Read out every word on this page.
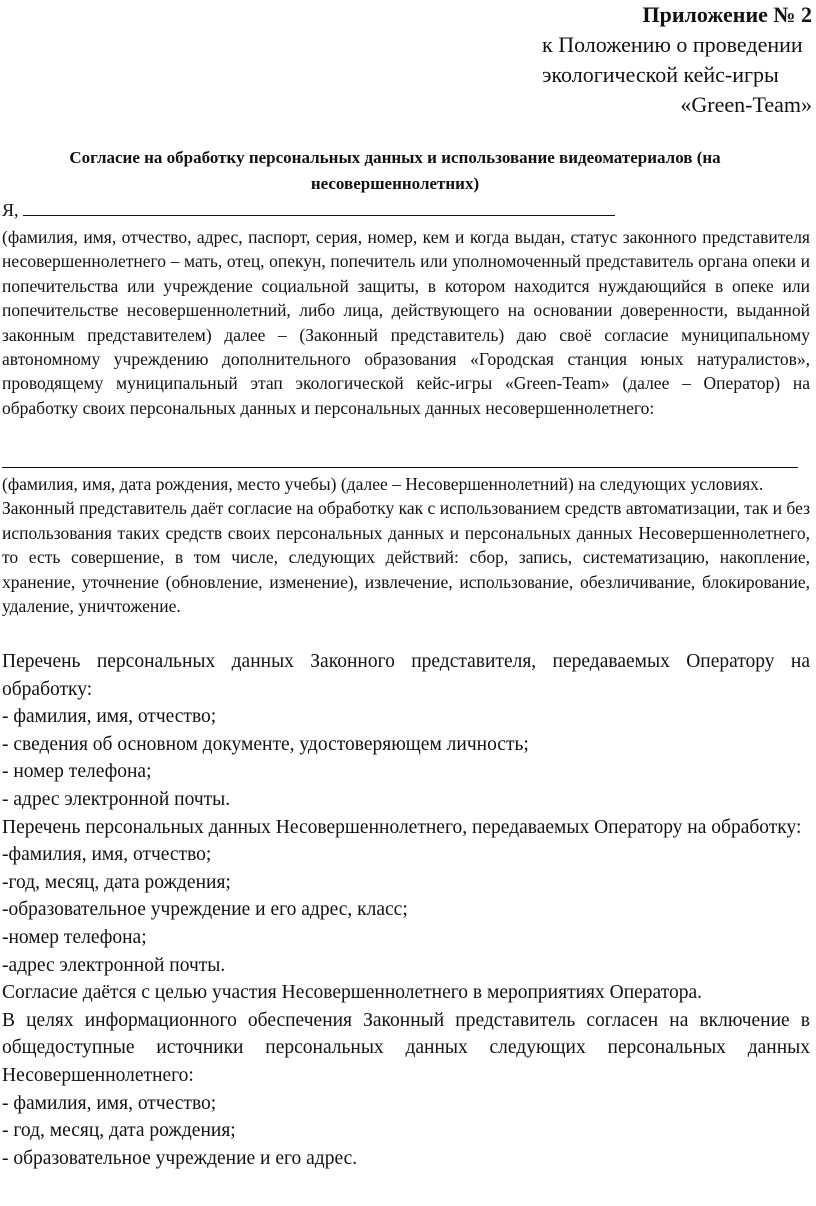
Приложение № 2
к Положению о проведении
экологической кейс-игры
«Green-Team»
Согласие на обработку персональных данных и использование видеоматериалов (на несовершеннолетних)
Я,

(фамилия, имя, отчество, адрес, паспорт, серия, номер, кем и когда выдан, статус законного представителя несовершеннолетнего – мать, отец, опекун, попечитель или уполномоченный представитель органа опеки и попечительства или учреждение социальной защиты, в котором находится нуждающийся в опеке или попечительстве несовершеннолетний, либо лица, действующего на основании доверенности, выданной законным представителем) далее – (Законный представитель) даю своё согласие муниципальному автономному учреждению дополнительного образования «Городская станция юных натуралистов», проводящему муниципальный этап экологической кейс-игры «Green-Team» (далее – Оператор) на обработку своих персональных данных и персональных данных несовершеннолетнего:

(фамилия, имя, дата рождения, место учебы) (далее – Несовершеннолетний) на следующих условиях.

Законный представитель даёт согласие на обработку как с использованием средств автоматизации, так и без использования таких средств своих персональных данных и персональных данных Несовершеннолетнего, то есть совершение, в том числе, следующих действий: сбор, запись, систематизацию, накопление, хранение, уточнение (обновление, изменение), извлечение, использование, обезличивание, блокирование, удаление, уничтожение.

Перечень персональных данных Законного представителя, передаваемых Оператору на обработку:

- фамилия, имя, отчество;

- сведения об основном документе, удостоверяющем личность;

- номер телефона;

- адрес электронной почты.

Перечень персональных данных Несовершеннолетнего, передаваемых Оператору на обработку:

-фамилия, имя, отчество;

-год, месяц, дата рождения;

-образовательное учреждение и его адрес, класс;

-номер телефона;

-адрес электронной почты.

Согласие даётся с целью участия Несовершеннолетнего в мероприятиях Оператора.

В целях информационного обеспечения Законный представитель согласен на включение в общедоступные источники персональных данных следующих персональных данных Несовершеннолетнего:

- фамилия, имя, отчество;

- год, месяц, дата рождения;

- образовательное учреждение и его адрес.
